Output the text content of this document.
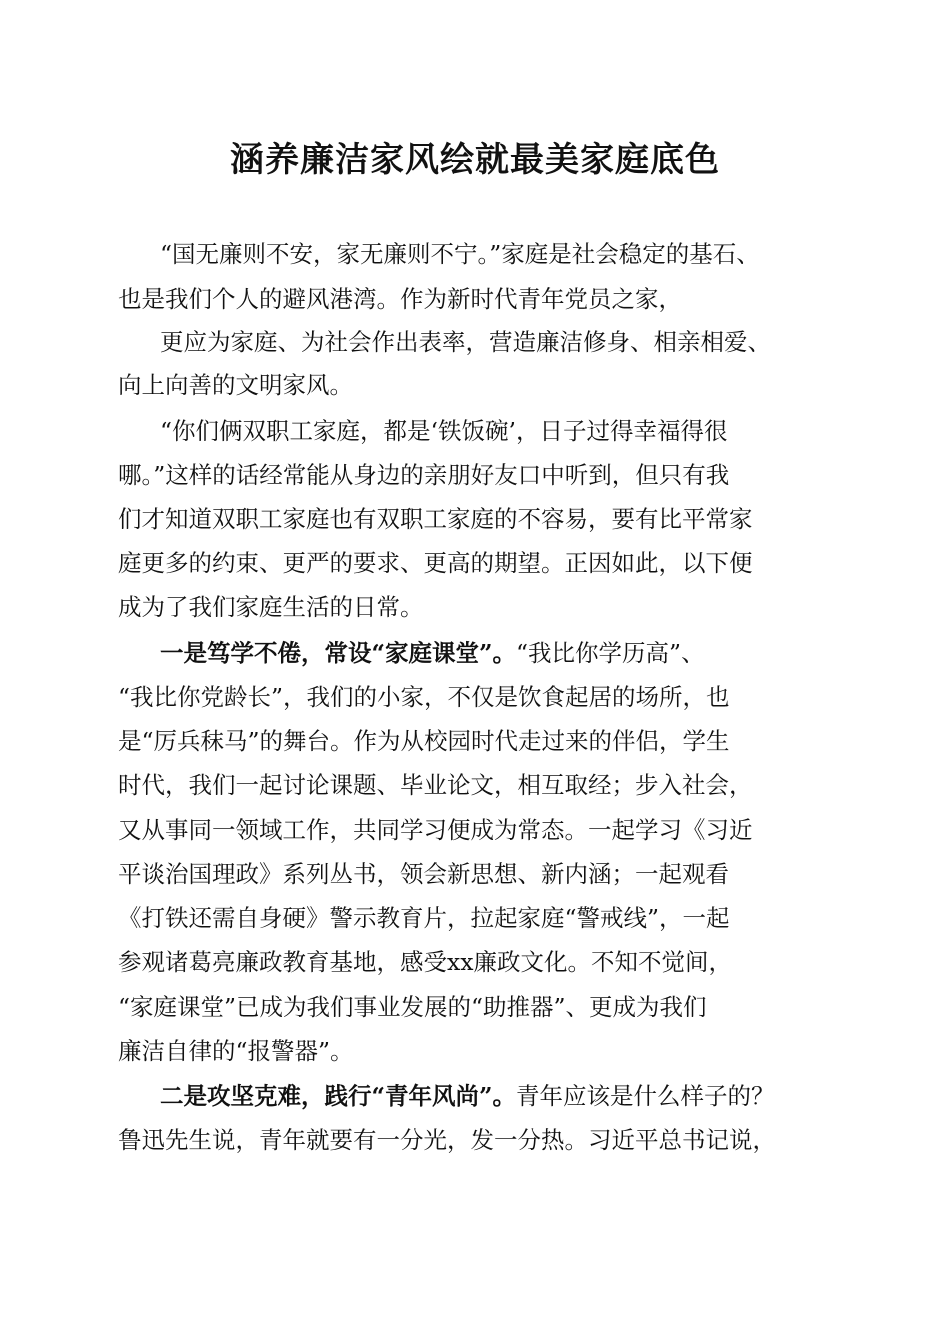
涵养廉洁家风绘就最美家庭底色

“国无廉则不安，家无廉则不宁。”家庭是社会稳定的基石、

也是我们个人的避风港湾。作为新时代青年党员之家，

更应为家庭、为社会作出表率，营造廉洁修身、相亲相爱、

向上向善的文明家风。

“你们俩双职工家庭，都是‘铁饭碗’，日子过得幸福得很

哪。”这样的话经常能从身边的亲朋好友口中听到，但只有我

们才知道双职工家庭也有双职工家庭的不容易，要有比平常家

庭更多的约束、更严的要求、更高的期望。正因如此，以下便

成为了我们家庭生活的日常。

一是笃学不倦，常设“家庭课堂”。“我比你学历高”、

“我比你党龄长”，我们的小家，不仅是饮食起居的场所，也

是“厉兵秣马”的舞台。作为从校园时代走过来的伴侣，学生

时代，我们一起讨论课题、毕业论文，相互取经；步入社会，

又从事同一领域工作，共同学习便成为常态。一起学习《习近

平谈治国理政》系列丛书，领会新思想、新内涵；一起观看

《打铁还需自身硬》警示教育片，拉起家庭“警戒线”，一起

参观诸葛亮廉政教育基地，感受xx廉政文化。不知不觉间，

“家庭课堂”已成为我们事业发展的“助推器”、更成为我们

廉洁自律的“报警器”。

二是攻坚克难，践行“青年风尚”。青年应该是什么样子的？

鲁迅先生说，青年就要有一分光，发一分热。习近平总书记说，
